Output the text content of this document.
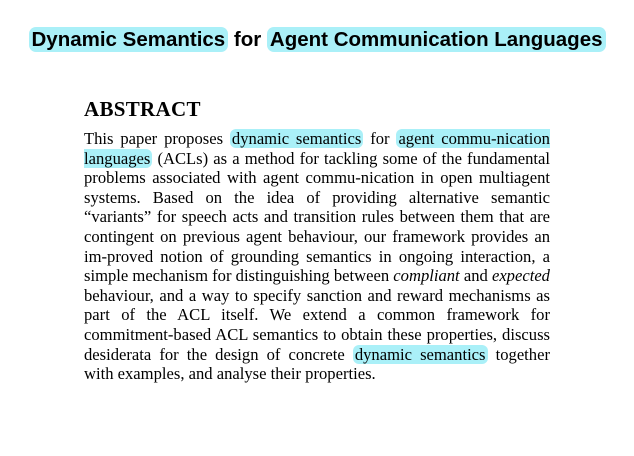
Dynamic Semantics for Agent Communication Languages
ABSTRACT

This paper proposes dynamic semantics for agent commu-nication languages (ACLs) as a method for tackling some of the fundamental problems associated with agent commu-nication in open multiagent systems. Based on the idea of providing alternative semantic “variants” for speech acts and transition rules between them that are contingent on previous agent behaviour, our framework provides an im-proved notion of grounding semantics in ongoing interaction, a simple mechanism for distinguishing between compliant and expected behaviour, and a way to specify sanction and reward mechanisms as part of the ACL itself. We extend a common framework for commitment-based ACL semantics to obtain these properties, discuss desiderata for the design of concrete dynamic semantics together with examples, and analyse their properties.
